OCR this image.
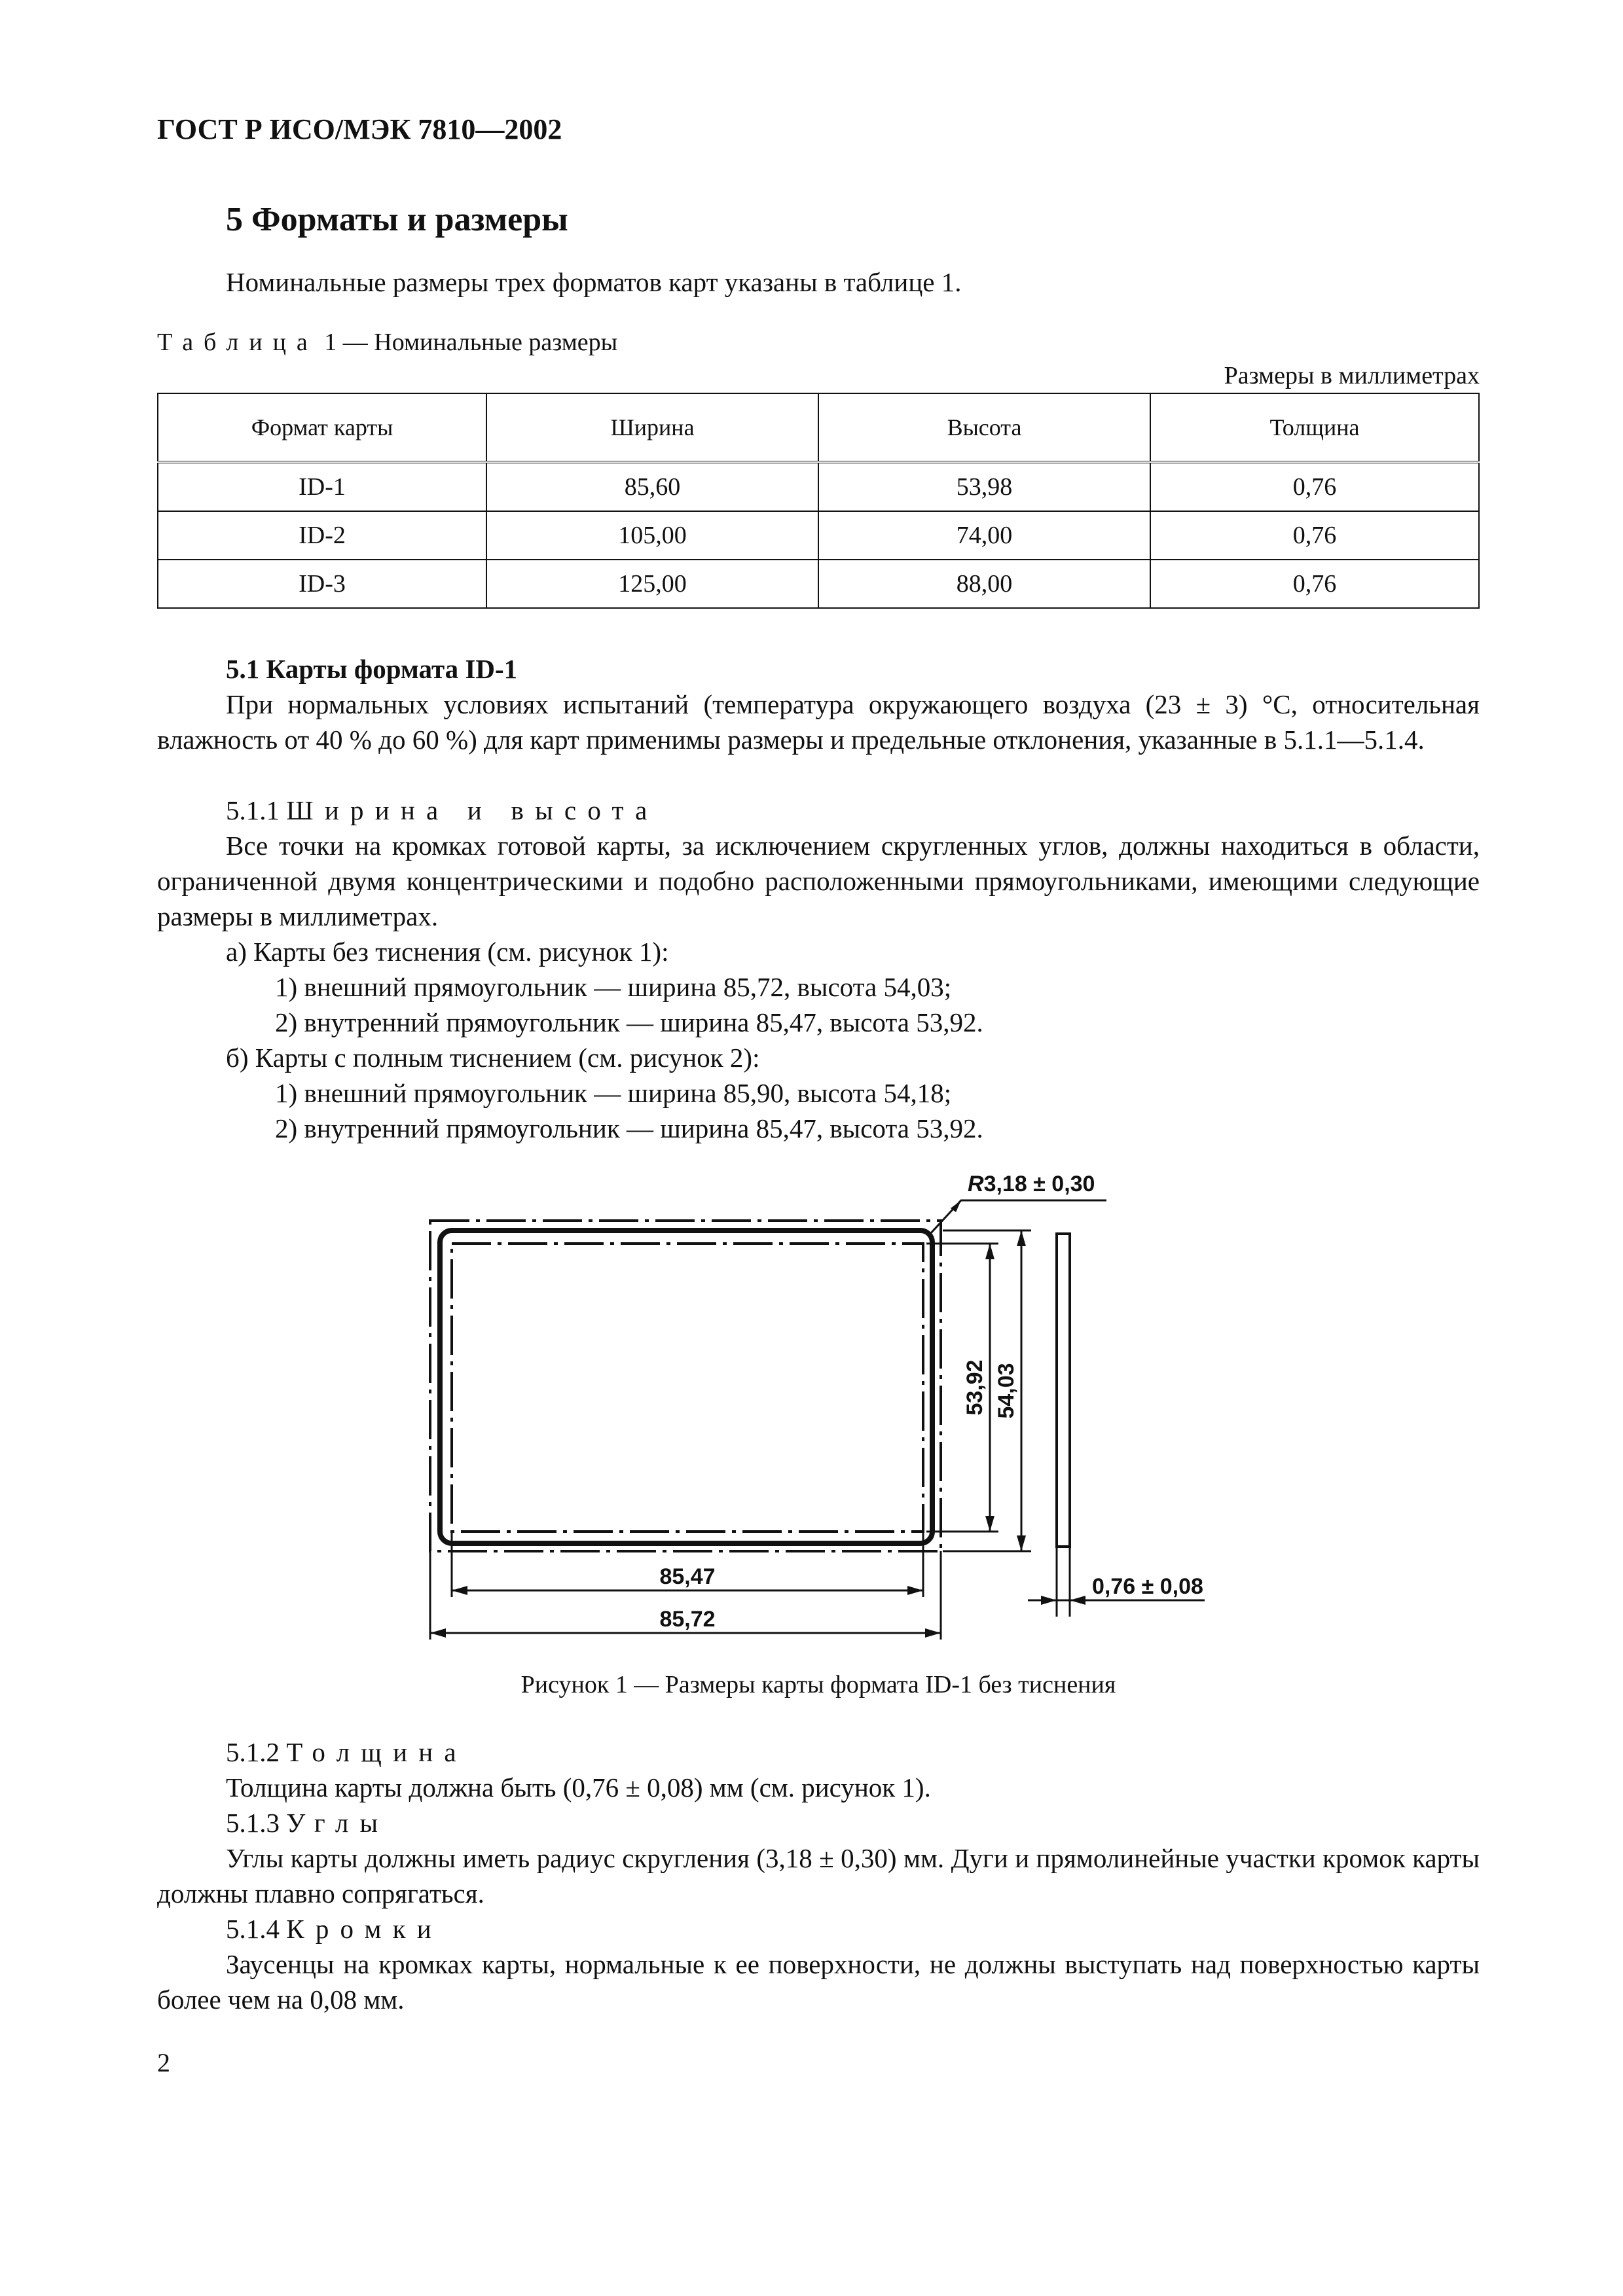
ГОСТ Р ИСО/МЭК 7810—2002
5 Форматы и размеры
Номинальные размеры трех форматов карт указаны в таблице 1.
Таблица 1 — Номинальные размеры
Размеры в миллиметрах
Формат карты	Ширина	Высота	Толщина
ID-1	85,60	53,98	0,76
ID-2	105,00	74,00	0,76
ID-3	125,00	88,00	0,76
5.1 Карты формата ID-1
При нормальных условиях испытаний (температура окружающего воздуха (23 ± 3) °С, относительная влажность от 40 % до 60 %) для карт применимы размеры и предельные отклонения, указанные в 5.1.1—5.1.4.
5.1.1 Ширина и высота
Все точки на кромках готовой карты, за исключением скругленных углов, должны находиться в области, ограниченной двумя концентрическими и подобно расположенными прямоугольниками, имеющими следующие размеры в миллиметрах.
а) Карты без тиснения (см. рисунок 1):
1) внешний прямоугольник — ширина 85,72, высота 54,03;
2) внутренний прямоугольник — ширина 85,47, высота 53,92.
б) Карты с полным тиснением (см. рисунок 2):
1) внешний прямоугольник — ширина 85,90, высота 54,18;
2) внутренний прямоугольник — ширина 85,47, высота 53,92.
R3,18 ± 0,30
53,92 54,03
85,47
85,72
0,76 ± 0,08
Рисунок 1 — Размеры карты формата ID-1 без тиснения
5.1.2 Толщина
Толщина карты должна быть (0,76 ± 0,08) мм (см. рисунок 1).
5.1.3 Углы
Углы карты должны иметь радиус скругления (3,18 ± 0,30) мм. Дуги и прямолинейные участки кромок карты должны плавно сопрягаться.
5.1.4 Кромки
Заусенцы на кромках карты, нормальные к ее поверхности, не должны выступать над поверхностью карты более чем на 0,08 мм.
2
